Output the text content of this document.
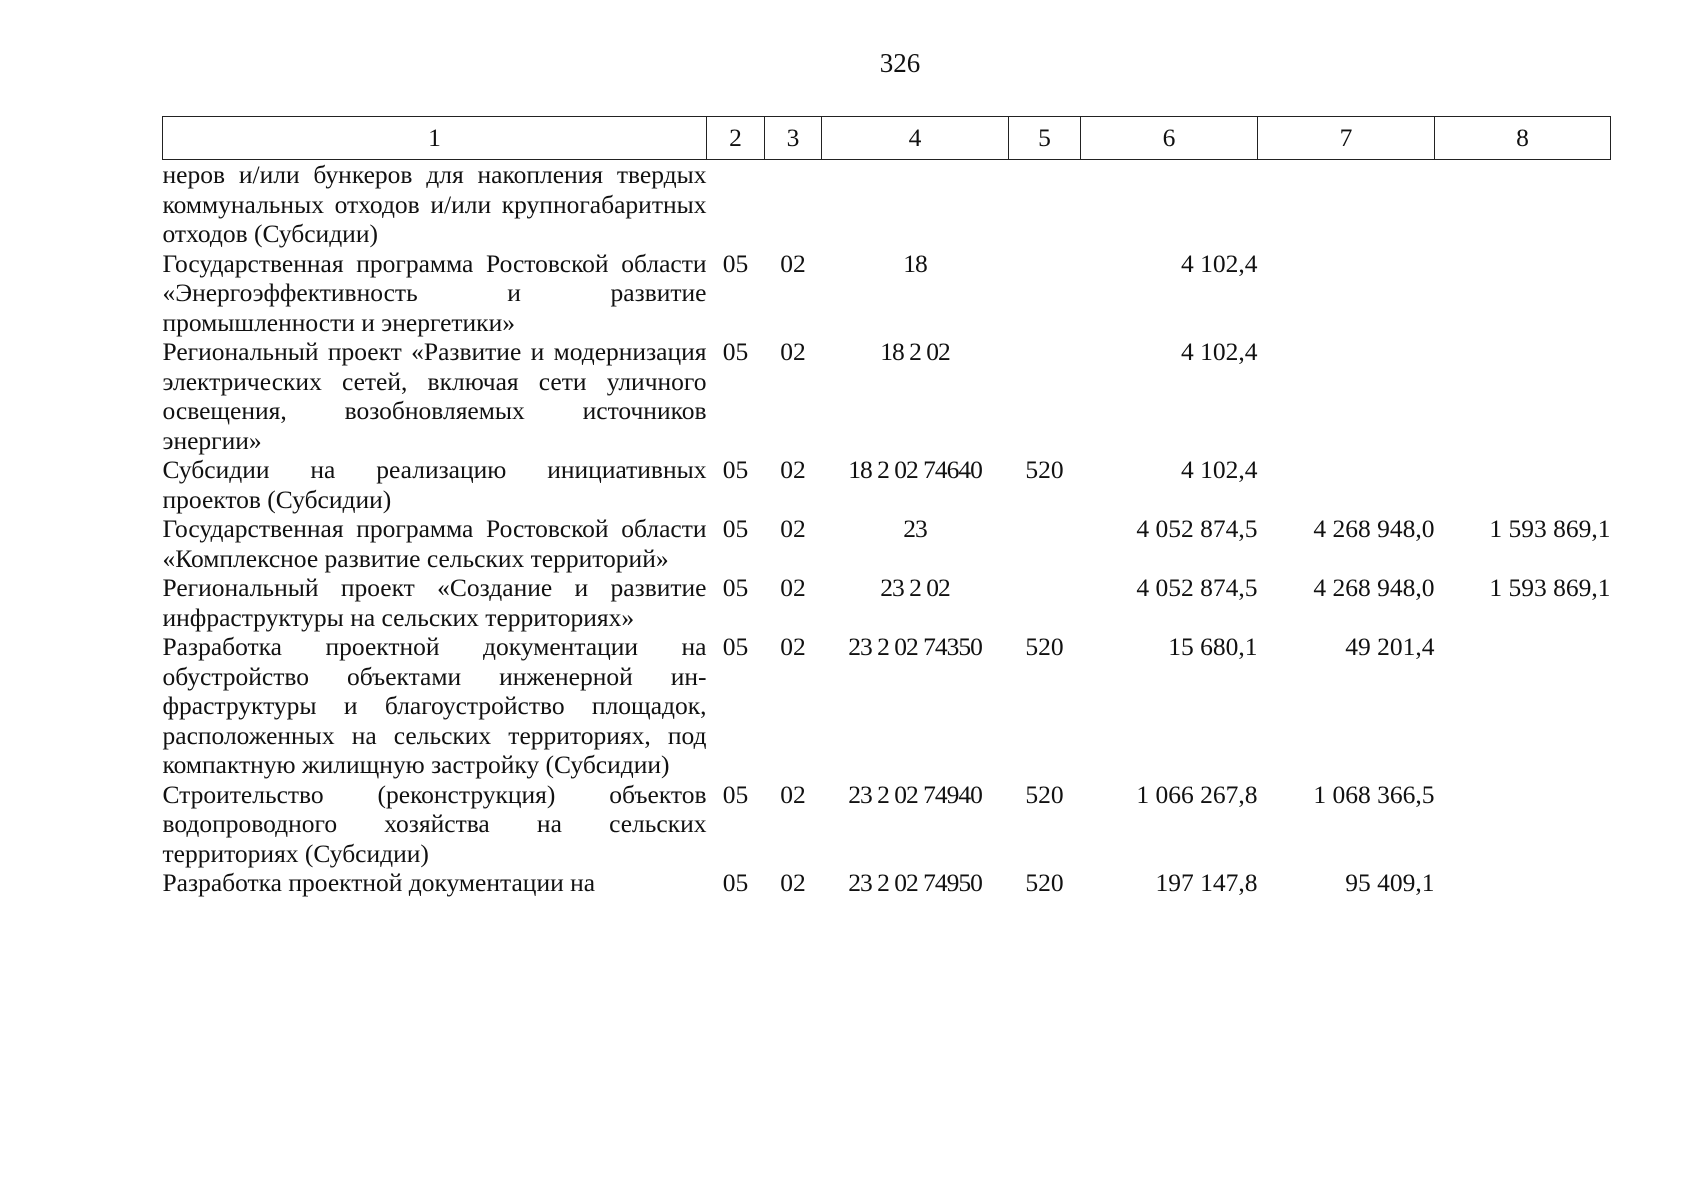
326
1	2	3	4	5	6	7	8
неров и/или бункеров для накопления твердых коммунальных отходов и/или крупногабаритных отходов (Субсидии)							
Государственная программа Ростовской области «Энергоэффективность и развитие промышленности и энергетики»	05	02	18		4 102,4		
Региональный проект «Развитие и модернизация электрических сетей, включая сети уличного освещения, возобновляемых источников энергии»	05	02	18 2 02		4 102,4		
Субсидии на реализацию инициативных проектов (Субсидии)	05	02	18 2 02 74640	520	4 102,4		
Государственная программа Ростовской области «Комплексное развитие сельских территорий»	05	02	23		4 052 874,5	4 268 948,0	1 593 869,1
Региональный проект «Создание и развитие инфраструктуры на сельских территориях»	05	02	23 2 02		4 052 874,5	4 268 948,0	1 593 869,1
Разработка проектной документации на обустройство объектами инженерной инфраструктуры и благоустройство площадок, расположенных на сельских территориях, под компактную жилищную застройку (Субсидии)	05	02	23 2 02 74350	520	15 680,1	49 201,4	
Строительство (реконструкция) объектов водопроводного хозяйства на сельских территориях (Субсидии)	05	02	23 2 02 74940	520	1 066 267,8	1 068 366,5	
Разработка проектной документации на	05	02	23 2 02 74950	520	197 147,8	95 409,1	
